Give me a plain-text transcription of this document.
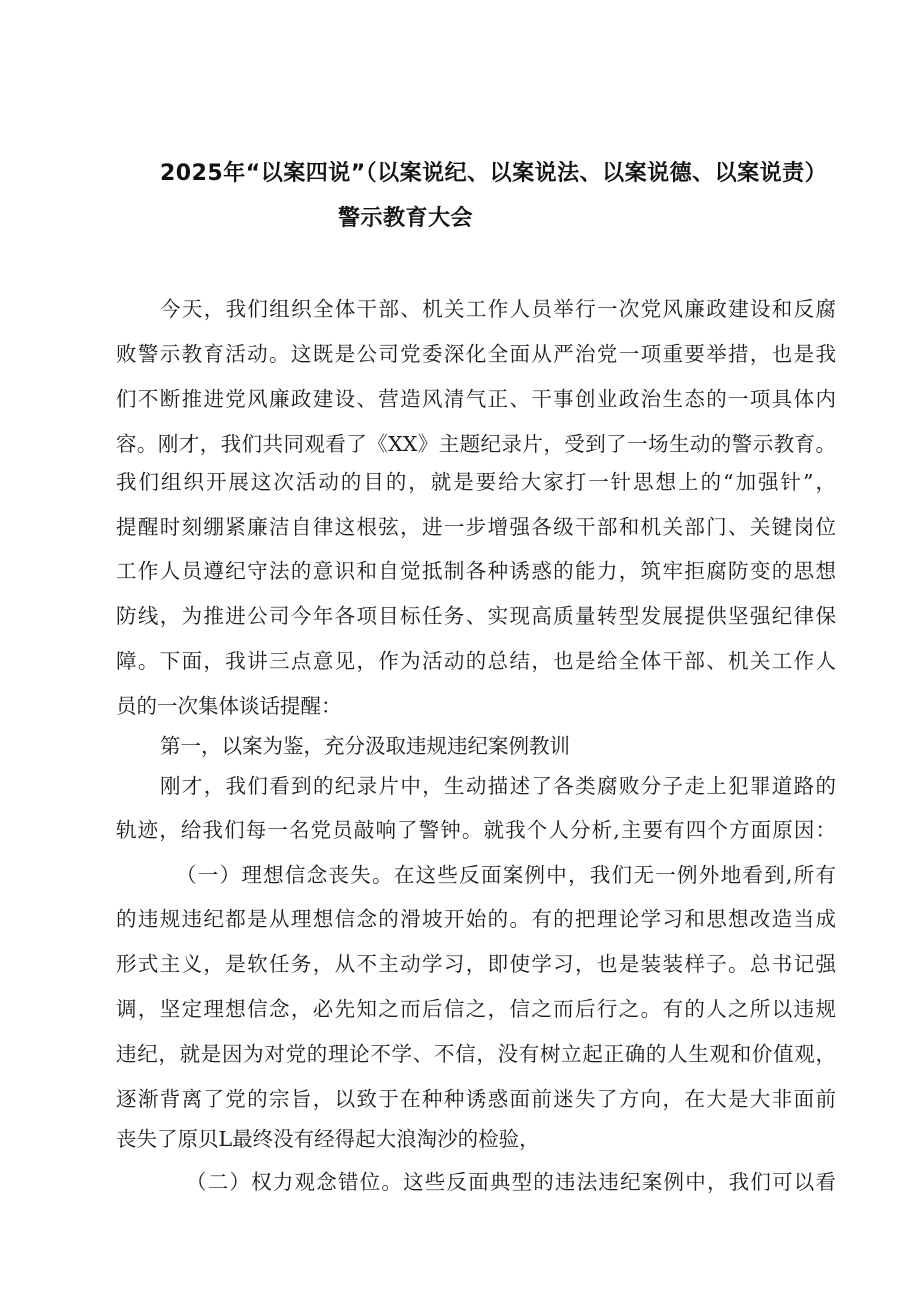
2025年“以案四说”（以案说纪、以案说法、以案说德、以案说责）
警示教育大会
今天，我们组织全体干部、机关工作人员举行一次党风廉政建设和反腐
败警示教育活动。这既是公司党委深化全面从严治党一项重要举措，也是我
们不断推进党风廉政建设、营造风清气正、干事创业政治生态的一项具体内
容。刚才，我们共同观看了《XX》主题纪录片，受到了一场生动的警示教育。
我们组织开展这次活动的目的，就是要给大家打一针思想上的“加强针”，
提醒时刻绷紧廉洁自律这根弦，进一步增强各级干部和机关部门、关键岗位
工作人员遵纪守法的意识和自觉抵制各种诱惑的能力，筑牢拒腐防变的思想
防线，为推进公司今年各项目标任务、实现高质量转型发展提供坚强纪律保
障。下面，我讲三点意见，作为活动的总结，也是给全体干部、机关工作人
员的一次集体谈话提醒：
第一，以案为鉴，充分汲取违规违纪案例教训
刚才，我们看到的纪录片中，生动描述了各类腐败分子走上犯罪道路的
轨迹，给我们每一名党员敲响了警钟。就我个人分析,主要有四个方面原因：
（一）理想信念丧失。在这些反面案例中，我们无一例外地看到,所有
的违规违纪都是从理想信念的滑坡开始的。有的把理论学习和思想改造当成
形式主义，是软任务，从不主动学习，即使学习，也是装装样子。总书记强
调，坚定理想信念，必先知之而后信之，信之而后行之。有的人之所以违规
违纪，就是因为对党的理论不学、不信，没有树立起正确的人生观和价值观，
逐渐背离了党的宗旨，以致于在种种诱惑面前迷失了方向，在大是大非面前
丧失了原贝L最终没有经得起大浪淘沙的检验，
（二）权力观念错位。这些反面典型的违法违纪案例中，我们可以看
